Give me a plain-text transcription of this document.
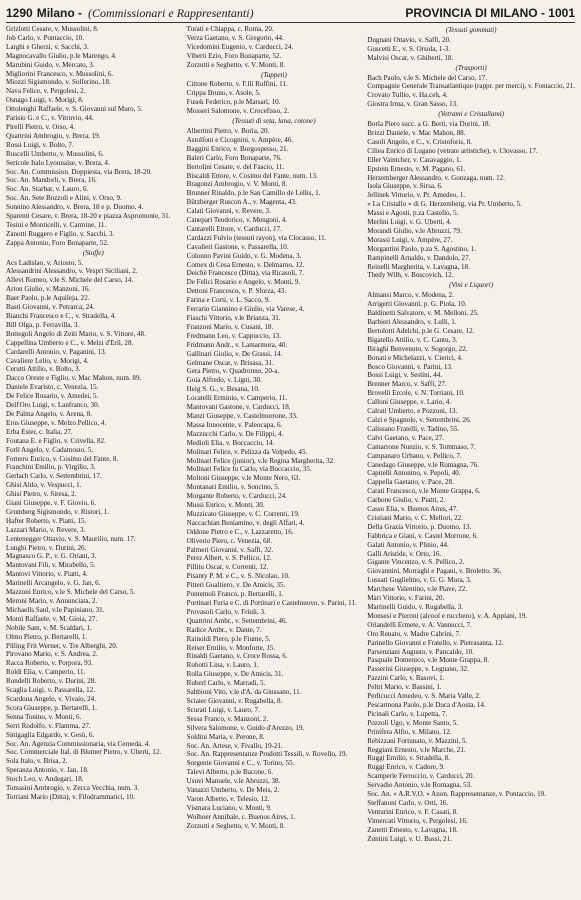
1290 Milano - (Commissionari e Rappresentanti)	PROVINCIA DI MILANO - 1001
Grizlotti Cesare, v. Mussolini, 8.
Job Carlo, v. Pontaccio, 10.
Larghi e Gherzi, v. Sacchi, 3.
Magnocavallo Giulio, p.le Marengo, 4.
Marubini Guido, v. Mercato, 3.
Migliorini Francesco, v. Mussolini, 6.
Miozzi Sigismondo, v. Solferino, 18.
Nava Felice, v. Pergolesi, 2.
Osnago Luigi, v. Morigi, 8.
Ottolenghi Raffaele, v. S. Giovanni sul Muro, 5.
Parisio G. e C., v. Vitruvio, 44.
Pirelli Pietro, v. Orso, 4.
Quattrini Ambrogio, v. Brera, 19.
Rossi Luigi, v. Bolto, 7.
Ruscelli Umberto, v. Mussolini, 6.
Sericole Italo Lyonnaise, v. Brera, 4.
Soc. An. Commission. Doppiesta, via Brera, 18-20.
Soc. An. Mandorli, v. Brera, 16.
Soc. An. Starbar, v. Lauro, 6.
Soc. An. Sete Bozzoli e Alini, v. Orso, 9.
Sonnino Alessandro, v. Brera, 18 e p. Duomo, 4.
Sparenti Cesare, v. Brera, 18-20 e piazza Aspromonte, 31.
Tesini e Monticelli, v. Carmine, 11.
Zanotti Ruggero e Figlio, v. Sacchi, 3.
Zappa Antonio, Foro Bonaparte, 52.
(Stoffe)
Acs Ladislao, v. Ariosto, 5.
Alessandrini Alessandro, v. Vespri Siciliani, 2.
Allevi Romeo, v.le S. Michele del Carso, 14.
Arton Giulio, v. Manzoni, 16.
Baer Paolo, p.le Aquileja, 22.
Basti Giovanni, v. Petrarca, 24.
Bianchi Francesco e C., v. Stradella, 4.
Bill Olga, p. Ferravilla, 3.
Bottegoli Angelo di Zeiti Mario, v. S. Vittore, 48.
Cappellina Umberto e C., v. Melzi d'Eril, 28.
Cardarelli Antonio, v. Paganini, 13.
Cavaliere Lelio, v. Morigi, 4.
Cerutti Attilio, v. Bolto, 3.
Dacco Oreste e Figlio, v. Mac Mahon, num. 89.
Daniele Evaristo, c. Venezia, 15.
De Felice Rosario, v. Amedei, 5.
Dell'Oro Luigi, v. Lanfranco, 30.
De Palma Angelo, v. Arena, 8.
Eros Giuseppe, v. Melzo Pellico, 4.
Erba Ester, c. Italia, 27.
Foutana E. e Figlio, v. Crivella, 82.
Forli Angelo, v. Cadamosto, 5.
Fornero Enrico, v. Cosimo del Fante, 8.
Franchini Emilio, p. Virgilio, 3.
Gerlach Carlo, v. Settembrini, 17.
Ghisi Aldo, v. Vespucci, 1.
Ghisi Pietro, v. Siresa, 2.
Giani Giuseppe, v. F. Giovio, 6.
Grumberg Sigismondo, v. Ristori, 1.
Hafter Roberto, v. Piatti, 15.
Lazzari Mario, v. Revere, 3.
Lentenegger Ottavio, v. S. Maurilio, num. 17.
Lunghi Pietro, v. Durini, 26.
Magnasco G. P., v. G. Oriani, 3.
Mantovani Fili, v. Mirabello, 5.
Mantovi Vittorio, v. Piatti, 4.
Marinelli Arcangelo, v. G. Jan, 6.
Mazzoni Enrico, v.le S. Michele del Carso, 5.
Meroni Mario, v. Annunciata, 2.
Michaells Saul, v.le Papiniano, 31.
Monti Raffaele, v. M. Gioia, 27.
Nobile Sam, v. M. Scaldari, 1.
Olmo Pietro, p. Bertarelli, 1.
Pilling Frit Werner, v. Tre Alberghi, 20.
Pirovano Mario, v. S. Andrea, 2.
Racca Roberto, v. Porpora, 93.
Roldi Elia, v. Camperio, 11.
Rondelli Roberto, v. Durini, 28.
Scaglia Luigi, v. Passarella, 12.
Scardona Angelo, v. Vivaio, 24.
Scora Giuseppe, p. Bertarelli, 1.
Senna Tonino, v. Monti, 6.
Serri Rodolfo, v. Flamma, 27.
Sinigaglia Edgardo, v. Gesù, 6.
Soc. An. Agenzia Commissionaria, via Cerneda, 4.
Soc. Commerciale Ital. di Blumer Pietro, v. Uberti, 12.
Sola Italo, v. Brisa, 2.
Speranza Antonio, v. Jan, 18.
Stoch Leo, v. Andegari, 18.
Tomasini Ambrogio, v. Zecca Vecchia, num. 3.
Torriani Mario (Ditta), v. Filodrammatici, 10.
Turati e Chiappa, c. Roma, 20.
Verza Gaetano, v. S. Gregorio, 44.
Vicedomini Eugenio, v. Carducci, 24.
Viberti Ezio, Foro Bonaparte, 52.
Zorzutti e Seghetto, v. V. Monti, 8.
(Tappeti)
Cittone Roberto, v. F.lli Ruffini, 11.
Crippa Bruno, v. Asole, 5.
Fusek Federico, p.le Marsari, 10.
Mosseri Salomone, v. Crocefisso, 2.
(Tessuti di seta, lana, cotone)
Albertini Pietro, v. Boria, 20.
Astolfoni e Cicognini, v. Ampère, 46.
Baggini Enrico, v. Borgospesso, 21.
Baleri Carlo, Foro Bonaparte, 76.
Bertolini Cesare, v. del Fascio, 11.
Biscaldi Ettore, v. Cosimo del Fante, num. 13.
Bragonzi Ambrogio, v. V. Monti, 8.
Brunner Rinaldo, p.le San Camillo de Lellis, 1.
Bützberger Ruscon A., v. Magenta, 43.
Calati Giovanni, v. Revere, 3.
Canepari Teodorico, v. Mengoni, 4.
Cantarelli Ettore, v. Carducci, 17.
Cardazzi Fulvio (tessuti rayon), via Clocasso, 11.
Cavalieri Gastone, v. Passarella, 10.
Colonno Pavini Guido, v. G. Modena, 3.
Comex di Cesa Ernesto, v. Delmarno, 12.
Deichè Francesco (Ditta), via Ricasoli, 7.
De Felici Rosario e Angelo, v. Monti, 9.
Dettoni Francesco, v. P. Sforza, 43.
Farina e Corti, v. L. Sacco, 9.
Ferrario Giannino e Giulio, via Varese, 4.
Fiaschi Vittorio, v.le Brianza, 31.
Franzoni Mario, v. Cusani, 18.
Fredmann Leo, v. Cappuccio, 13.
Fridmann Andr., v. Lamarmora, 40.
Gallinari Giulio, v. De Grassi, 14.
Gelmane Oscar, v. Brisasa, 31.
Gera Pietro, v. Quadronno, 20-a.
Goia Alfredo, v. Ligni, 30.
Heig S. G., v. Besana, 10.
Locatelli Erminio, v. Camperio, 11.
Mantovani Gastone, v. Carducci, 18.
Manzi Giuseppe, v. Castelmorrone, 33.
Massa Innocente, v. Paleocapa, 6.
Mazzucchi Carlo, v. De Filippi, 4.
Medioli Elia, v. Boccaccio, 14.
Molinari Felice, v. Pelizza da Volpedo, 45.
Molinari Felice (junior), v.le Regina Margherita, 32.
Molinari Felice fu Carlo, via Boccaccio, 35.
Moltoni Giuseppe, v.le Monte Nero, 63.
Montanari Emilio, v. Soncino, 5.
Morgante Roberto, v. Carducci, 24.
Mussi Enrico, v. Monti, 30.
Muzzicato Giuseppe, v. C. Correnti, 19.
Naccachian Beniamino, v. degli Affari, 4.
Oddone Pietro e C., v. Lazzaretto, 16.
Oliverio Piero, c. Venezia, 68.
Palmeri Giovanni, v. Saffi, 32.
Perez Albert, v. S. Pellico, 12.
Pillitu Oscar, v. Correnti, 12.
Pisanty P. M. e C., v. S. Nicolao, 10.
Pitteri Gualtiero, v. De Amicis, 35.
Pontemoli Franco, p. Bertarelli, 1.
Portinari Furia e C. di Portinari e Castelnuovo, v. Parini, 11.
Provasoli Carlo, v. Friuli, 3.
Quattrini Ambr., v. Settembrini, 46.
Radice Ambr., v. Dante, 7.
Rainoldi Piero, p.le Fiume, 5.
Reiser Emilio, v. Monforte, 15.
Rinaldi Gaetano, v. Croce Rossa, 6.
Robotti Lina, v. Lauro, 1.
Rolla Giuseppe, v. De Amicis, 31.
Ruberl Carlo, v. Marradi, 5.
Sabbioni Vito, v.le d'A. da Giussano, 11.
Sciaier Giovanni, v. Rugabella, 8.
Scurati Luigi, v. Lauro, 7.
Sessa Franco, v. Manzoni, 2.
Silvera Salomone, v. Guido d'Arezzo, 19.
Soldini Maria, v. Perone, 8.
Soc. An. Artese, v. Fivallo, 19-21.
Soc. An. Rappresentanze Prodotti Tessili, v. Rovello, 19.
Sorgente Giovanni e C., v. Torino, 55.
Talevi Alberto, p.le Bacone, 6.
Usuvi Manuele, v.le Abruzzi, 38.
Vanazzi Umberto, v. De Meis, 2.
Varon Alberto, v. Telesio, 12.
Vismara Luciano, v. Monti, 9.
Wolhoer Annibale, c. Buenos Aires, 1.
Zorzutti e Seghetto, v. V. Monti, 8.
(Tessuti gommati)
Dugnani Ottavio, v. Saffi, 20.
Guscetti E., v. S. Orsola, 1-3.
Malvisi Oscar, v. Ghiberti, 18.
(Trasporti)
Bach Paolo, v.le S. Michele del Carso, 17.
Compagnie Generale Transatlantique (rappr. per merci), v. Fontaccio, 21.
Crovato Tullio, v. Ha.ceh, 4.
Giostra Irma, v. Gran Sasso, 13.
(Vetrami e Cristallami)
Borla Piero succ. a G. Berti, via Durini, 18.
Brizzi Daniele, v. Mac Mahon, 88.
Casoli Angelo, e C., v. Cristoforis, 8.
Ciliea Enrico di Lugano (vetrate artistiche), v. Clovasso, 17.
Eller Vaintcher, v. Caravaggio, 1.
Epstein Ernesto, v. M. Pagano, 61.
Herzemberger Alessandro, v. Gonzaga, num. 12.
Isola Giuseppe, v. Sirsa, 6.
Jellinek Vittorio, v. Pr. Amedeo, 1.
« La Cristallo » di G. Herzemberg, via Pr. Umberto, 5.
Massi e Agosti, p.za Castello, 5.
Merlini Luigi, v. G. Uberti, 4.
Morandi Giulio, v.le Abruzzi, 79.
Morassi Luigi, v. Ampère, 27.
Morgantini Paolo, p.za S. Agostino, 1.
Rampinelli Arnaldo, v. Dandolo, 27.
Reinelli Margherita, v. Lavagna, 18.
Thedy Wilh, v. Boscovich, 12.
(Vini e Liquori)
Almansi Marco, v. Modena, 2.
Arrigerti Giovanni, p. G. Piola, 10.
Baldinetti Salvatore, v. M. Melloni, 25.
Barbieri Alessandro, v. Lulli, 1.
Bertolotti Adelchi, p.le G. Cesare, 12.
Bigatello Attilio, v. C. Cantu, 3.
Biraghi Benvenuto, v. Sogorgo, 22.
Bonati e Michelazzi, v. Cierici, 4.
Bosco Giovanni, v. Parini, 13.
Bossi Luigi, v. Sestini, 44.
Brenner Marco, v. Saffi, 27.
Brovelli Ercole, v. N. Torriani, 10.
Calloni Giuseppe, v. Lario, 4.
Calrati Umberto, e Pozzoni, 13.
Calzi e Spagnolo, v. Settembrini, 26.
Calissano Fratelli, v. Tadino, 55.
Calvi Gaetano, v. Pace, 27.
Camarrone Nunzio, v. S. Tommaso, 7.
Campanaro Urbano, v. Pellico, 7.
Canedago Giuseppe, v.le Romagna, 76.
Capitelli Antonino, v. Pepoli, 40.
Cappella Gaetano, v. Pace, 28.
Carati Francesco, v.le Monte Grappa, 6.
Carbone Giulio, v. Piatti, 2.
Casso Elia, v. Buenos Aires, 47.
Cristiani Mario, v. C. Mellori, 22.
Della Grazia Vittorio, p. Duomo, 13.
Fabbrica e Giani, v. Castel Morrone, 6.
Galati Antonio, v. Plinio, 44.
Galli Aristide, v. Orto, 16.
Gigante Vincenzo, v. S. Pellico, 2.
Giovannini, Morraghi e Pagani, v. Broletto, 36.
Lussati Guglielmo, v. G. G. Mora, 3.
Marchese Valentino, v.le Piave, 22.
Mari Vittorio, v. Farini, 20.
Martinelli Guido, v. Rugabella, 3.
Monsesi e Pieroni (alcool e rucchero), v. A. Appiani, 19.
Oriandelli Ermete, v. A. Vannucci, 7.
Oro Renato, v. Madre Cabrini, 7.
Parinello Giovanni e Fratello, v. Pietrasanta, 12.
Parsenziani Augusto, v. Pancaldo, 10.
Pasquale Domenico, v.le Monte Grappa, 8.
Passerini Giuseppe, v. Legnano, 32.
Pazzini Carlo, v. Basovi, 1.
Peltri Mario, v. Bassini, 1.
Perlicucci Amedeo, v. S. Maria Valle, 2.
Pescarmona Paolo, p.le Duca d'Aosta, 14.
Picinali Carlo, v. Lupetta, 7.
Pozzoli Ugo, v. Monte Santo, 5.
Prinifera Alfio, v. Milano, 12.
Rebizzani Fortunato, v. Mazzini, 5.
Reggiani Ernesto, v.le Marche, 21.
Ruggi Emilio, v. Stradella, 8.
Ruggi Enrico, v. Cadore, 9.
Scamperle Ferruccio, v. Carducci, 20.
Servadio Antonio, v.le Romagna, 53.
Soc. An. « A.R.V.O. » Anon. Rappresentanze, v. Pontaccio, 19.
Steffanoni Carlo, v. Orti, 16.
Venturini Enrico, v. F. Casati, 8.
Vimercati Vittorio, v. Pergolesi, 16.
Zanetti Ernesto, v. Lavagna, 18.
Zuntini Luigi, v. U. Bassi, 21.
